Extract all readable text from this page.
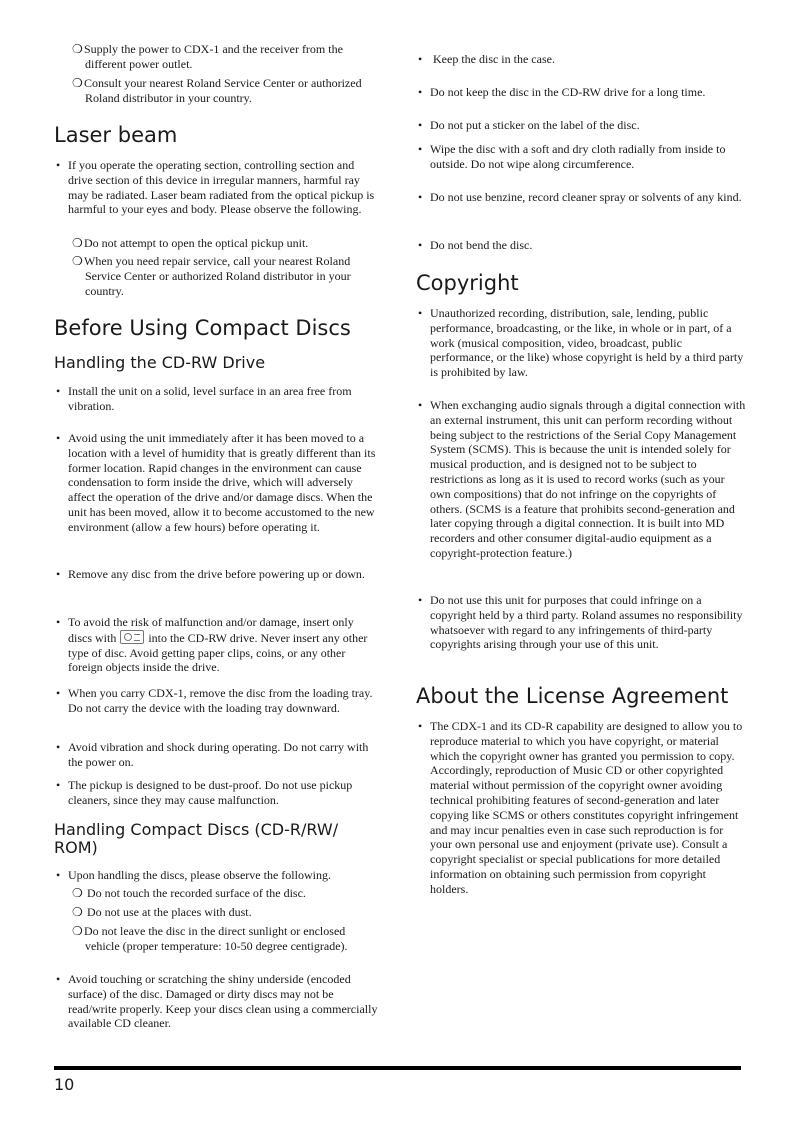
❍ Supply the power to CDX-1 and the receiver from the different power outlet.
❍ Consult your nearest Roland Service Center or authorized Roland distributor in your country.
Laser beam
• If you operate the operating section, controlling section and drive section of this device in irregular manners, harmful ray may be radiated. Laser beam radiated from the optical pickup is harmful to your eyes and body. Please observe the following.
❍ Do not attempt to open the optical pickup unit.
❍ When you need repair service, call your nearest Roland Service Center or authorized Roland distributor in your country.
Before Using Compact Discs
Handling the CD-RW Drive
• Install the unit on a solid, level surface in an area free from vibration.
• Avoid using the unit immediately after it has been moved to a location with a level of humidity that is greatly different than its former location. Rapid changes in the environment can cause condensation to form inside the drive, which will adversely affect the operation of the drive and/or damage discs. When the unit has been moved, allow it to become accustomed to the new environment (allow a few hours) before operating it.
• Remove any disc from the drive before powering up or down.
• To avoid the risk of malfunction and/or damage, insert only discs with	into the CD-RW drive. Never insert any other type of disc. Avoid getting paper clips, coins, or any other foreign objects inside the drive.
• When you carry CDX-1, remove the disc from the loading tray. Do not carry the device with the loading tray downward.
• Avoid vibration and shock during operating. Do not carry with the power on.
• The pickup is designed to be dust-proof. Do not use pickup cleaners, since they may cause malfunction.
Handling Compact Discs (CD-R/RW/
ROM)
• Upon handling the discs, please observe the following.
❍ Do not touch the recorded surface of the disc.
❍ Do not use at the places with dust.
❍ Do not leave the disc in the direct sunlight or enclosed vehicle (proper temperature: 10-50 degree centigrade).
• Avoid touching or scratching the shiny underside (encoded surface) of the disc. Damaged or dirty discs may not be read/write properly. Keep your discs clean using a commercially available CD cleaner.
• Keep the disc in the case.
• Do not keep the disc in the CD-RW drive for a long time.
• Do not put a sticker on the label of the disc.
• Wipe the disc with a soft and dry cloth radially from inside to outside. Do not wipe along circumference.
• Do not use benzine, record cleaner spray or solvents of any kind.
• Do not bend the disc.
Copyright
• Unauthorized recording, distribution, sale, lending, public performance, broadcasting, or the like, in whole or in part, of a work (musical composition, video, broadcast, public performance, or the like) whose copyright is held by a third party is prohibited by law.
• When exchanging audio signals through a digital connection with an external instrument, this unit can perform recording without being subject to the restrictions of the Serial Copy Management System (SCMS). This is because the unit is intended solely for musical production, and is designed not to be subject to restrictions as long as it is used to record works (such as your own compositions) that do not infringe on the copyrights of others. (SCMS is a feature that prohibits second-generation and later copying through a digital connection. It is built into MD recorders and other consumer digital-audio equipment as a copyright-protection feature.)
• Do not use this unit for purposes that could infringe on a copyright held by a third party. Roland assumes no responsibility whatsoever with regard to any infringements of third-party copyrights arising through your use of this unit.
About the License Agreement
• The CDX-1 and its CD-R capability are designed to allow you to reproduce material to which you have copyright, or material which the copyright owner has granted you permission to copy. Accordingly, reproduction of Music CD or other copyrighted material without permission of the copyright owner avoiding technical prohibiting features of second-generation and later copying like SCMS or others constitutes copyright infringement and may incur penalties even in case such reproduction is for your own personal use and enjoyment (private use). Consult a copyright specialist or special publications for more detailed information on obtaining such permission from copyright holders.
10
